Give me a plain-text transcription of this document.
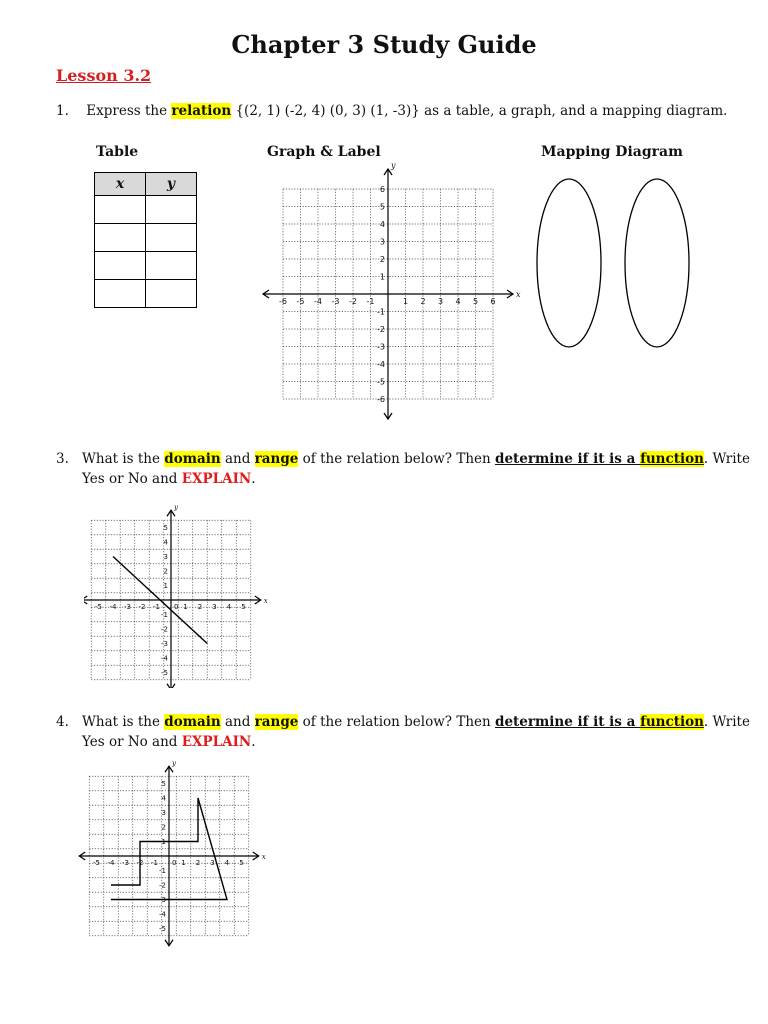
Chapter 3 Study Guide
Lesson 3.2
1. Express the relation {(2, 1) (-2, 4) (0, 3) (1, -3)} as a table, a graph, and a mapping diagram.
Table	Graph & Label	Mapping Diagram
x	y

-6 -5 -4 -3 -2 -1	1 2 3 4 5 6
6
5
4
3
2
1
-1
-2
-3
-4
-5
-6
x
y
3. What is the domain and range of the relation below? Then determine if it is a function. Write
Yes or No and EXPLAIN.
-5 -4 -3 -2 -1	1 2 3 4 5
5
4
3
2
1
-1
-2
-3
-4
-5
0
x
y
4. What is the domain and range of the relation below? Then determine if it is a function. Write
Yes or No and EXPLAIN.
-5 -4 -3 -2 -1	1 2 3 4 5
5
4
3
2
1
-1
-2
-3
-4
-5
0
x
y
